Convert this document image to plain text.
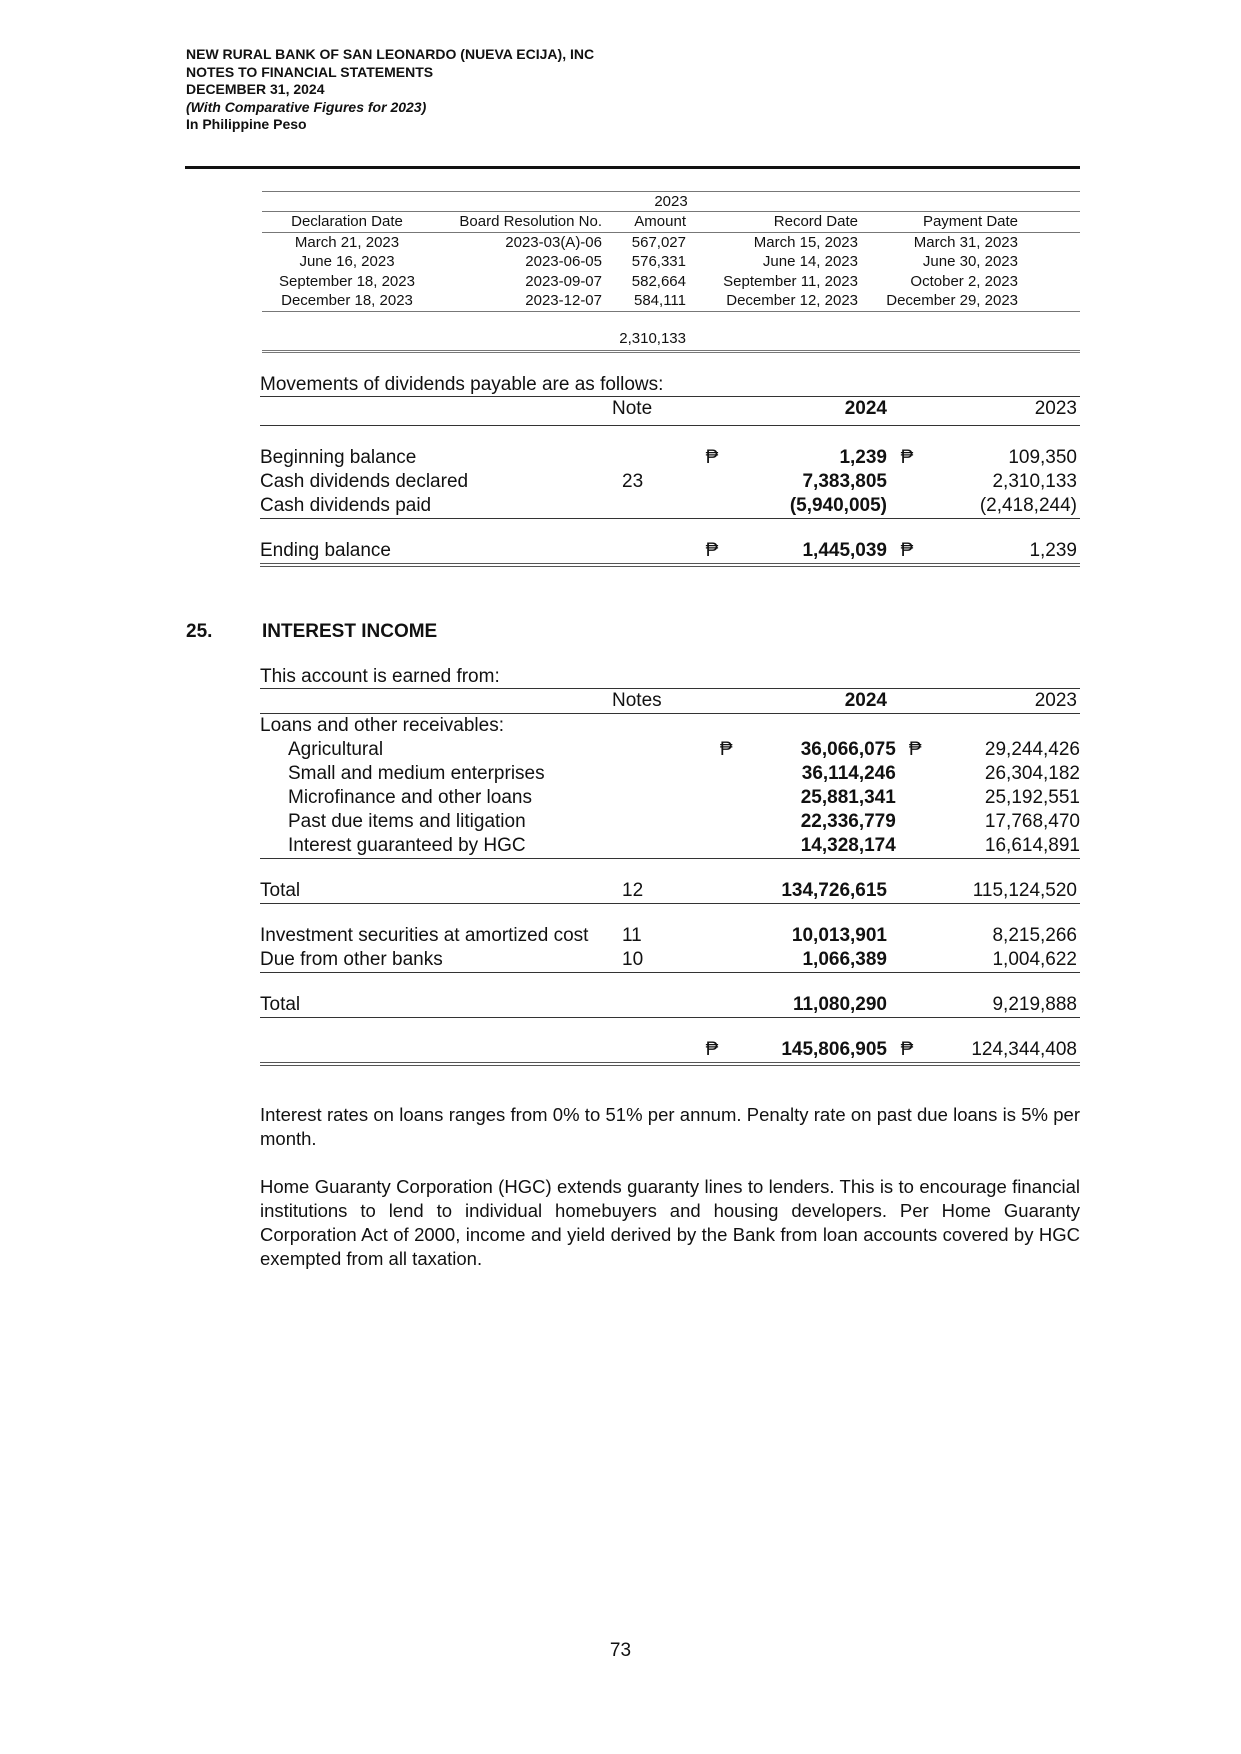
NEW RURAL BANK OF SAN LEONARDO (NUEVA ECIJA), INC
NOTES TO FINANCIAL STATEMENTS
DECEMBER 31, 2024
(With Comparative Figures for 2023)
In Philippine Peso
2023
Declaration Date	Board Resolution No.	Amount	Record Date	Payment Date
March 21, 2023	2023-03(A)-06	567,027	March 15, 2023	March 31, 2023
June 16, 2023	2023-06-05	576,331	June 14, 2023	June 30, 2023
September 18, 2023	2023-09-07	582,664	September 11, 2023	October 2, 2023
December 18, 2023	2023-12-07	584,111	December 12, 2023	December 29, 2023
2,310,133
Movements of dividends payable are as follows:
Note	2024	2023
Beginning balance	₱	1,239 ₱	109,350
Cash dividends declared	23	7,383,805	2,310,133
Cash dividends paid	(5,940,005)	(2,418,244)
Ending balance	₱	1,445,039 ₱	1,239
25.	INTEREST INCOME
This account is earned from:
Notes	2024	2023
Loans and other receivables:
Agricultural	₱	36,066,075 ₱	29,244,426
Small and medium enterprises	36,114,246	26,304,182
Microfinance and other loans	25,881,341	25,192,551
Past due items and litigation	22,336,779	17,768,470
Interest guaranteed by HGC	14,328,174	16,614,891
Total	12	134,726,615	115,124,520
Investment securities at amortized cost	11	10,013,901	8,215,266
Due from other banks	10	1,066,389	1,004,622
Total	11,080,290	9,219,888
₱	145,806,905 ₱	124,344,408
Interest rates on loans ranges from 0% to 51% per annum. Penalty rate on past due loans is 5% per month.
Home Guaranty Corporation (HGC) extends guaranty lines to lenders. This is to encourage financial institutions to lend to individual homebuyers and housing developers. Per Home Guaranty Corporation Act of 2000, income and yield derived by the Bank from loan accounts covered by HGC exempted from all taxation.
73
